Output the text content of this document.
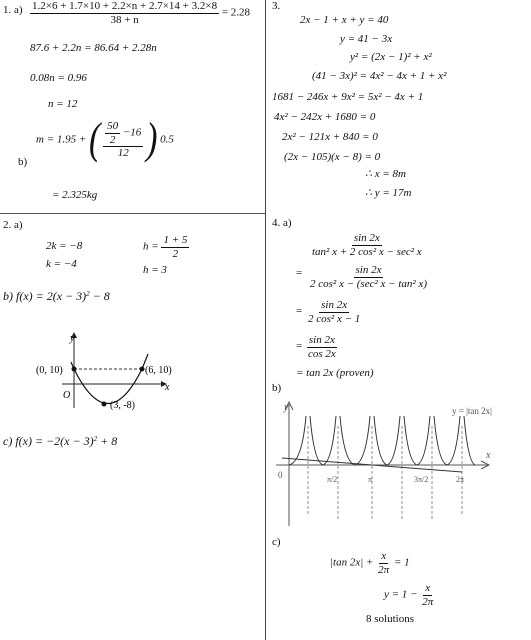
1. $a) \frac{1.2\times 6 + 1.7\times 10 + 2.2\times n + 2.7\times 14 + 3.2\times 8}{38 + n} = 2.28$
87.6 + 2.2n = 86.64 + 2.28n
0.08n = 0.96
n = 12
b)
m = 1.95 + ( $\frac{\frac{50}{2} -16}{12}$ ) 0.5
= 2.325kg
2. a)
2k = −8
k = −4
$h = \frac{1 + 5}{2}$
h = 3
b) $f(x) = 2(x - 3)^2 - 8$
y
x
O
(0, 10)	(6, 10)
(3, -8)
c) $f(x) = -2(x - 3)^2 + 8$
3.
2x − 1 + x + y = 40
y = 41 − 3x
y² = (2x − 1)² + x²
(41 − 3x)² = 4x² − 4x + 1 + x²
1681 − 246x + 9x² = 5x² − 4x + 1
4x² − 242x + 1680 = 0
2x² − 121x + 840 = 0
(2x − 105)(x − 8) = 0
∴ x = 8m
∴ y = 17m
4. a)
$\frac{\sin 2x}{\text{tan² x + 2 cos² x − sec² x}}$
= $\frac{\sin 2x}{\text{2 cos² x − (sec² x − tan² x)}}$
= $\frac{\sin 2x}{\text{2 cos² x − 1}}$
= $\frac{\sin 2x}{\cos 2x}$
= tan 2x (proven)
b)
y
x
0
y = |tan 2x|
π/2	π	3π/2	2π
c)
|tan $2x| + \frac{x}{2\pi} = 1$
$y = 1 - \frac{x}{2\pi}$
8 solutions
